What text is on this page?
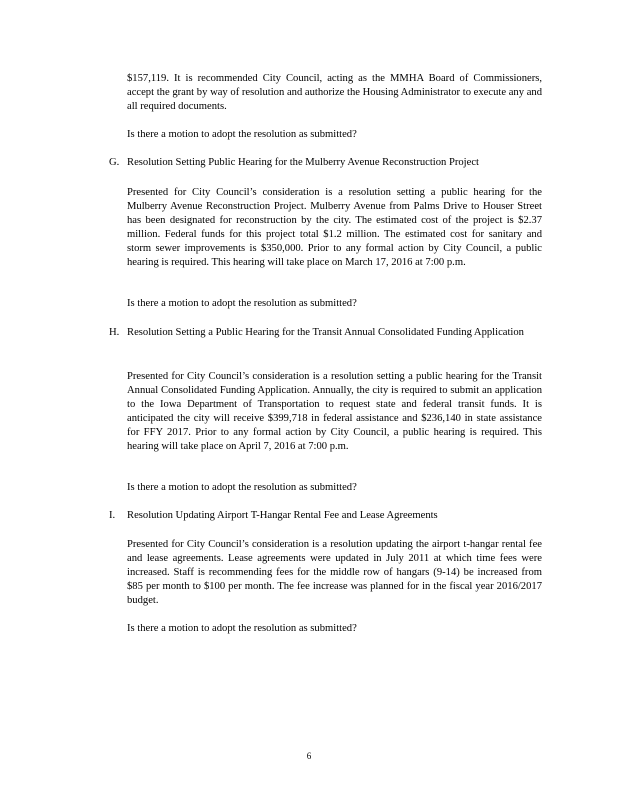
$157,119. It is recommended City Council, acting as the MMHA Board of Commissioners, accept the grant by way of resolution and authorize the Housing Administrator to execute any and all required documents.
Is there a motion to adopt the resolution as submitted?
G. Resolution Setting Public Hearing for the Mulberry Avenue Reconstruction Project
Presented for City Council’s consideration is a resolution setting a public hearing for the Mulberry Avenue Reconstruction Project. Mulberry Avenue from Palms Drive to Houser Street has been designated for reconstruction by the city. The estimated cost of the project is $2.37 million. Federal funds for this project total $1.2 million. The estimated cost for sanitary and storm sewer improvements is $350,000. Prior to any formal action by City Council, a public hearing is required. This hearing will take place on March 17, 2016 at 7:00 p.m.
Is there a motion to adopt the resolution as submitted?
H. Resolution Setting a Public Hearing for the Transit Annual Consolidated Funding Application
Presented for City Council’s consideration is a resolution setting a public hearing for the Transit Annual Consolidated Funding Application. Annually, the city is required to submit an application to the Iowa Department of Transportation to request state and federal transit funds. It is anticipated the city will receive $399,718 in federal assistance and $236,140 in state assistance for FFY 2017. Prior to any formal action by City Council, a public hearing is required. This hearing will take place on April 7, 2016 at 7:00 p.m.
Is there a motion to adopt the resolution as submitted?
I. Resolution Updating Airport T-Hangar Rental Fee and Lease Agreements
Presented for City Council’s consideration is a resolution updating the airport t-hangar rental fee and lease agreements. Lease agreements were updated in July 2011 at which time fees were increased. Staff is recommending fees for the middle row of hangars (9-14) be increased from $85 per month to $100 per month. The fee increase was planned for in the fiscal year 2016/2017 budget.
Is there a motion to adopt the resolution as submitted?
6
